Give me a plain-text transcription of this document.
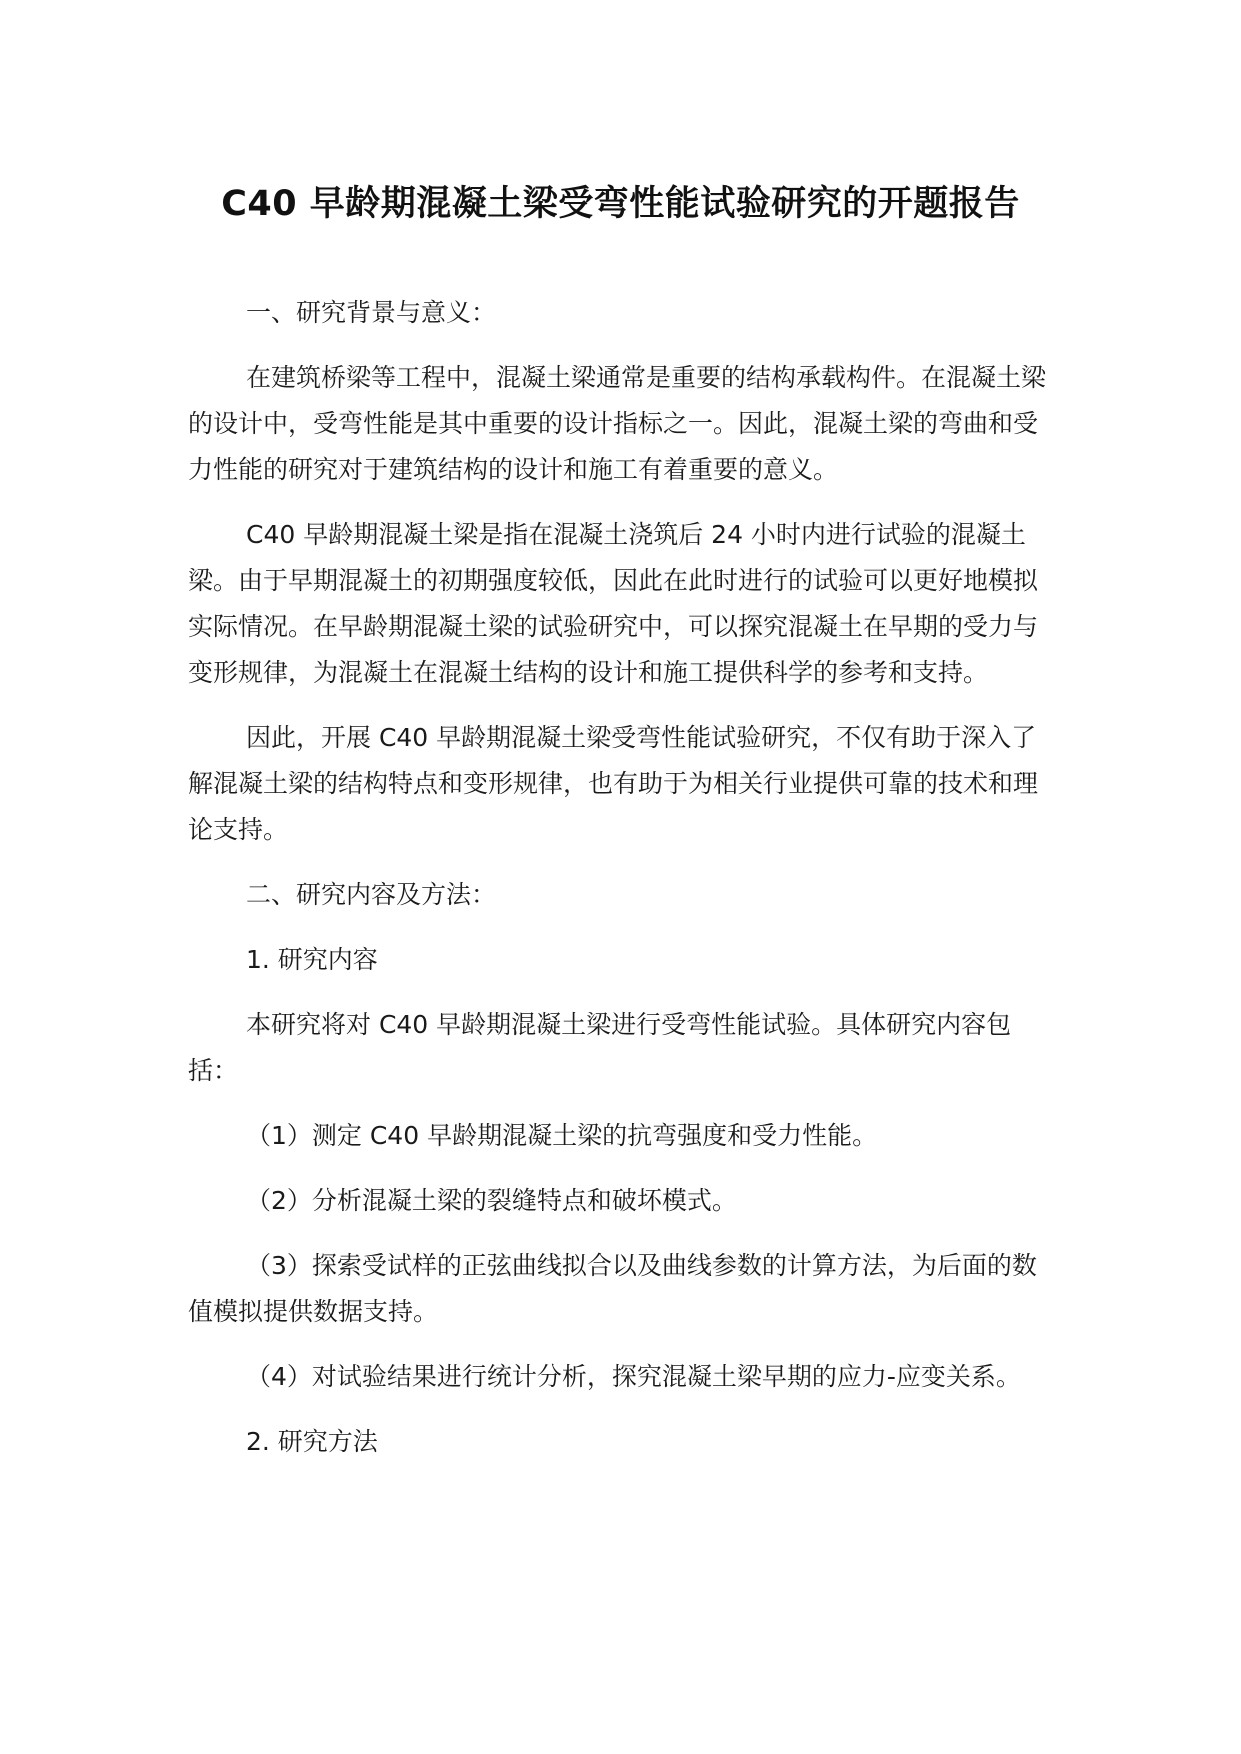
C40 早龄期混凝土梁受弯性能试验研究的开题报告

一、研究背景与意义：

在建筑桥梁等工程中，混凝土梁通常是重要的结构承载构件。在混凝土梁的设计中，受弯性能是其中重要的设计指标之一。因此，混凝土梁的弯曲和受力性能的研究对于建筑结构的设计和施工有着重要的意义。

C40 早龄期混凝土梁是指在混凝土浇筑后 24 小时内进行试验的混凝土梁。由于早期混凝土的初期强度较低，因此在此时进行的试验可以更好地模拟实际情况。在早龄期混凝土梁的试验研究中，可以探究混凝土在早期的受力与变形规律，为混凝土在混凝土结构的设计和施工提供科学的参考和支持。

因此，开展 C40 早龄期混凝土梁受弯性能试验研究，不仅有助于深入了解混凝土梁的结构特点和变形规律，也有助于为相关行业提供可靠的技术和理论支持。

二、研究内容及方法：

1. 研究内容

本研究将对 C40 早龄期混凝土梁进行受弯性能试验。具体研究内容包括：

（1）测定 C40 早龄期混凝土梁的抗弯强度和受力性能。

（2）分析混凝土梁的裂缝特点和破坏模式。

（3）探索受试样的正弦曲线拟合以及曲线参数的计算方法，为后面的数值模拟提供数据支持。

（4）对试验结果进行统计分析，探究混凝土梁早期的应力-应变关系。

2. 研究方法
